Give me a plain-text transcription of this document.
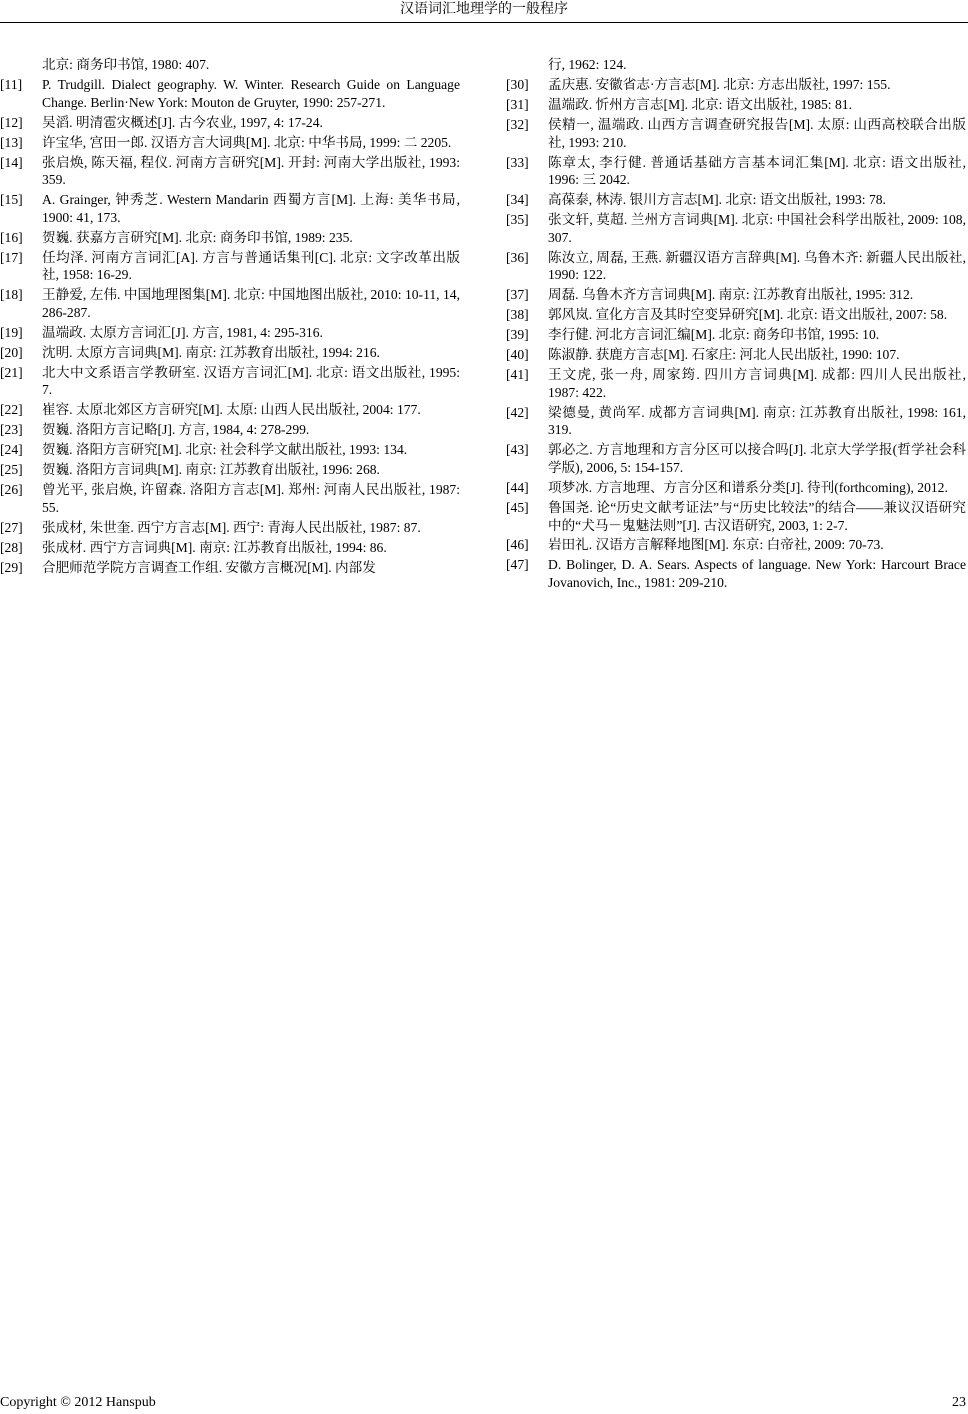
汉语词汇地理学的一般程序
北京: 商务印书馆, 1980: 407.
[11]	P. Trudgill. Dialect geography. W. Winter. Research Guide on Language Change. Berlin·New York: Mouton de Gruyter, 1990: 257-271.
[12]	吴滔. 明清雹灾概述[J]. 古今农业, 1997, 4: 17-24.
[13]	许宝华, 宫田一郎. 汉语方言大词典[M]. 北京: 中华书局, 1999: 二 2205.
[14]	张启焕, 陈天福, 程仪. 河南方言研究[M]. 开封: 河南大学出版社, 1993: 359.
[15]	A. Grainger, 钟秀芝. Western Mandarin 西蜀方言[M]. 上海: 美华书局, 1900: 41, 173.
[16]	贺巍. 获嘉方言研究[M]. 北京: 商务印书馆, 1989: 235.
[17]	任均泽. 河南方言词汇[A]. 方言与普通话集刊[C]. 北京: 文字改革出版社, 1958: 16-29.
[18]	王静爱, 左伟. 中国地理图集[M]. 北京: 中国地图出版社, 2010: 10-11, 14, 286-287.
[19]	温端政. 太原方言词汇[J]. 方言, 1981, 4: 295-316.
[20]	沈明. 太原方言词典[M]. 南京: 江苏教育出版社, 1994: 216.
[21]	北大中文系语言学教研室. 汉语方言词汇[M]. 北京: 语文出版社, 1995: 7.
[22]	崔容. 太原北郊区方言研究[M]. 太原: 山西人民出版社, 2004: 177.
[23]	贺巍. 洛阳方言记略[J]. 方言, 1984, 4: 278-299.
[24]	贺巍. 洛阳方言研究[M]. 北京: 社会科学文献出版社, 1993: 134.
[25]	贺巍. 洛阳方言词典[M]. 南京: 江苏教育出版社, 1996: 268.
[26]	曾光平, 张启焕, 许留森. 洛阳方言志[M]. 郑州: 河南人民出版社, 1987: 55.
[27]	张成材, 朱世奎. 西宁方言志[M]. 西宁: 青海人民出版社, 1987: 87.
[28]	张成材. 西宁方言词典[M]. 南京: 江苏教育出版社, 1994: 86.
[29]	合肥师范学院方言调查工作组. 安徽方言概况[M]. 内部发
行, 1962: 124.
[30]	孟庆惠. 安徽省志·方言志[M]. 北京: 方志出版社, 1997: 155.
[31]	温端政. 忻州方言志[M]. 北京: 语文出版社, 1985: 81.
[32]	侯精一, 温端政. 山西方言调查研究报告[M]. 太原: 山西高校联合出版社, 1993: 210.
[33]	陈章太, 李行健. 普通话基础方言基本词汇集[M]. 北京: 语文出版社, 1996: 三 2042.
[34]	高葆泰, 林涛. 银川方言志[M]. 北京: 语文出版社, 1993: 78.
[35]	张文轩, 莫超. 兰州方言词典[M]. 北京: 中国社会科学出版社, 2009: 108, 307.
[36]	陈汝立, 周磊, 王燕. 新疆汉语方言辞典[M]. 乌鲁木齐: 新疆人民出版社, 1990: 122.
[37]	周磊. 乌鲁木齐方言词典[M]. 南京: 江苏教育出版社, 1995: 312.
[38]	郭风岚. 宣化方言及其时空变异研究[M]. 北京: 语文出版社, 2007: 58.
[39]	李行健. 河北方言词汇编[M]. 北京: 商务印书馆, 1995: 10.
[40]	陈淑静. 获鹿方言志[M]. 石家庄: 河北人民出版社, 1990: 107.
[41]	王文虎, 张一舟, 周家筠. 四川方言词典[M]. 成都: 四川人民出版社, 1987: 422.
[42]	梁德曼, 黄尚军. 成都方言词典[M]. 南京: 江苏教育出版社, 1998: 161, 319.
[43]	郭必之. 方言地理和方言分区可以接合吗[J]. 北京大学学报(哲学社会科学版), 2006, 5: 154-157.
[44]	项梦冰. 方言地理、方言分区和谱系分类[J]. 待刊(forthcoming), 2012.
[45]	鲁国尧. 论“历史文献考证法”与“历史比较法”的结合——兼议汉语研究中的“犬马－鬼魅法则”[J]. 古汉语研究, 2003, 1: 2-7.
[46]	岩田礼. 汉语方言解释地图[M]. 东京: 白帝社, 2009: 70-73.
[47]	D. Bolinger, D. A. Sears. Aspects of language. New York: Harcourt Brace Jovanovich, Inc., 1981: 209-210.
Copyright © 2012 Hanspub	23
